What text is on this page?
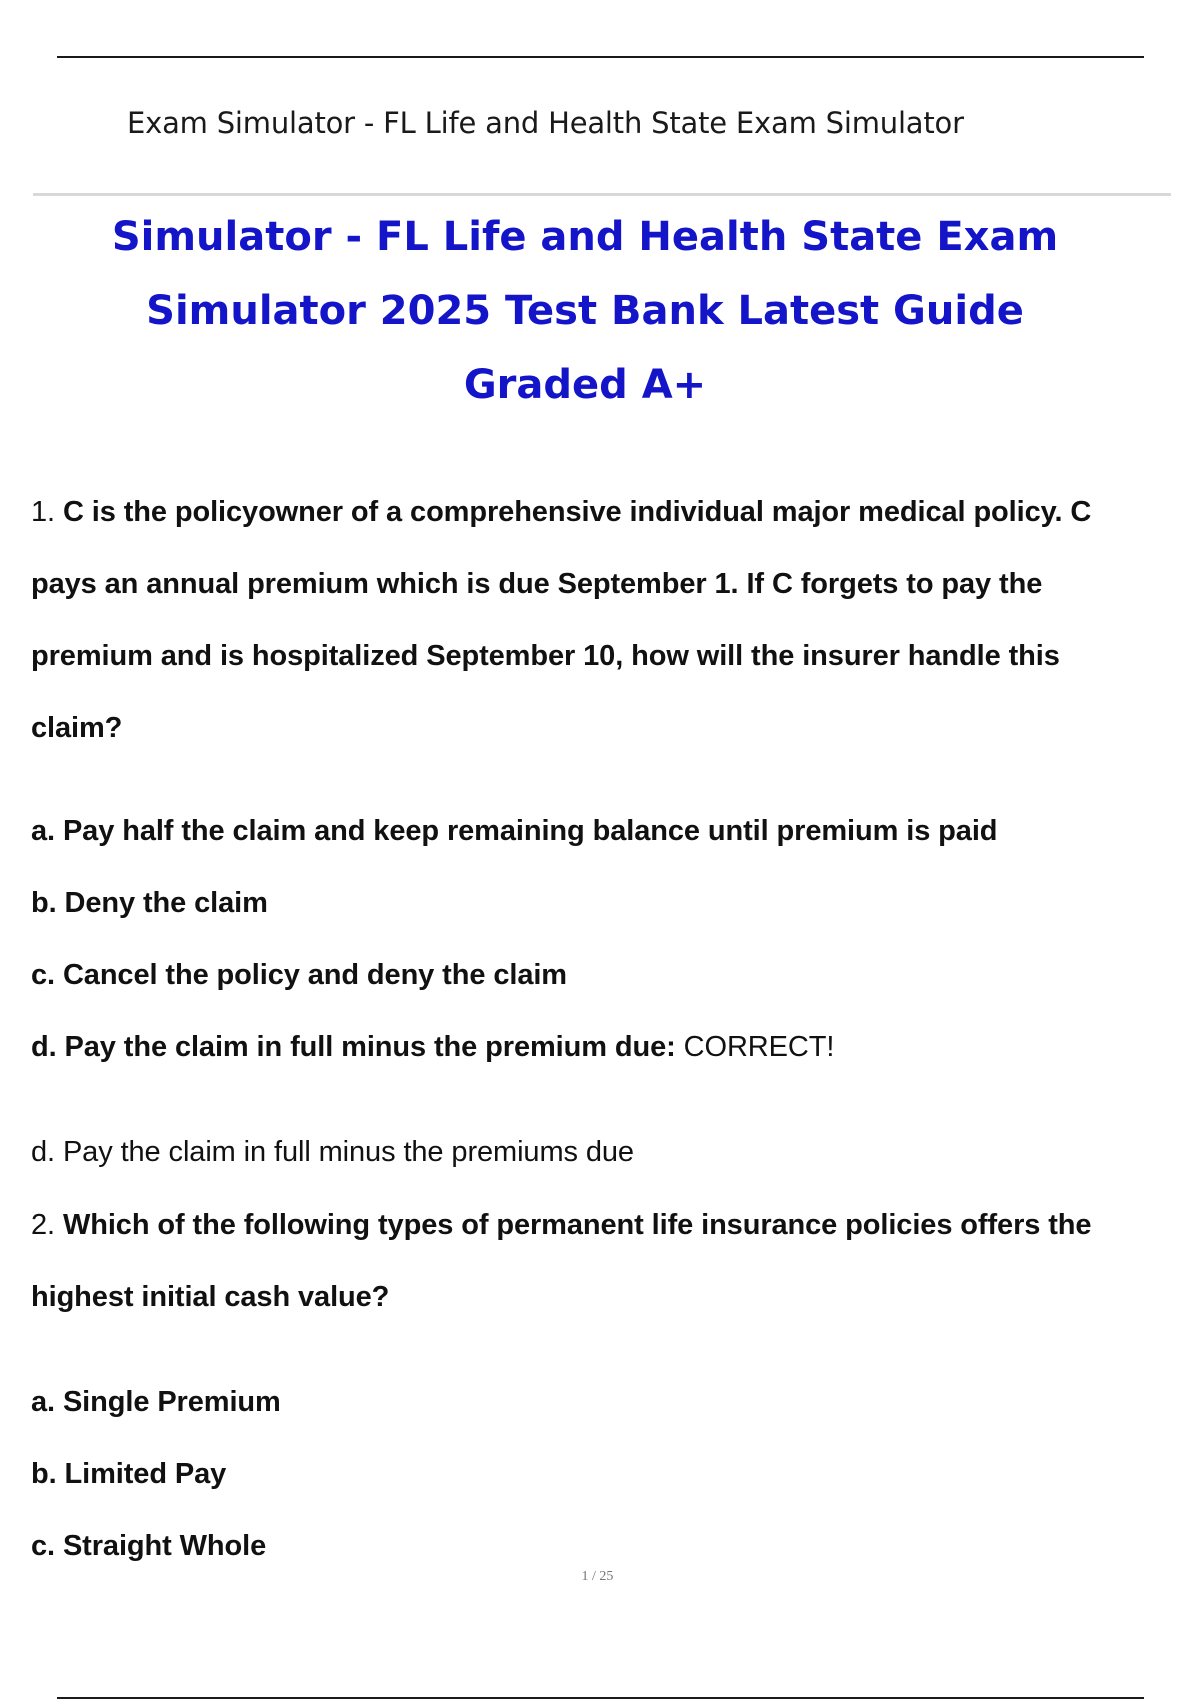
Exam Simulator - FL Life and Health State Exam Simulator
Simulator - FL Life and Health State Exam
Simulator 2025 Test Bank Latest Guide
Graded A+
1. C is the policyowner of a comprehensive individual major medical policy. C
pays an annual premium which is due September 1. If C forgets to pay the
premium and is hospitalized September 10, how will the insurer handle this
claim?
a. Pay half the claim and keep remaining balance until premium is paid
b. Deny the claim
c. Cancel the policy and deny the claim
d. Pay the claim in full minus the premium due: CORRECT!
d. Pay the claim in full minus the premiums due
2. Which of the following types of permanent life insurance policies offers the
highest initial cash value?
a. Single Premium
b. Limited Pay
c. Straight Whole
1 / 25
